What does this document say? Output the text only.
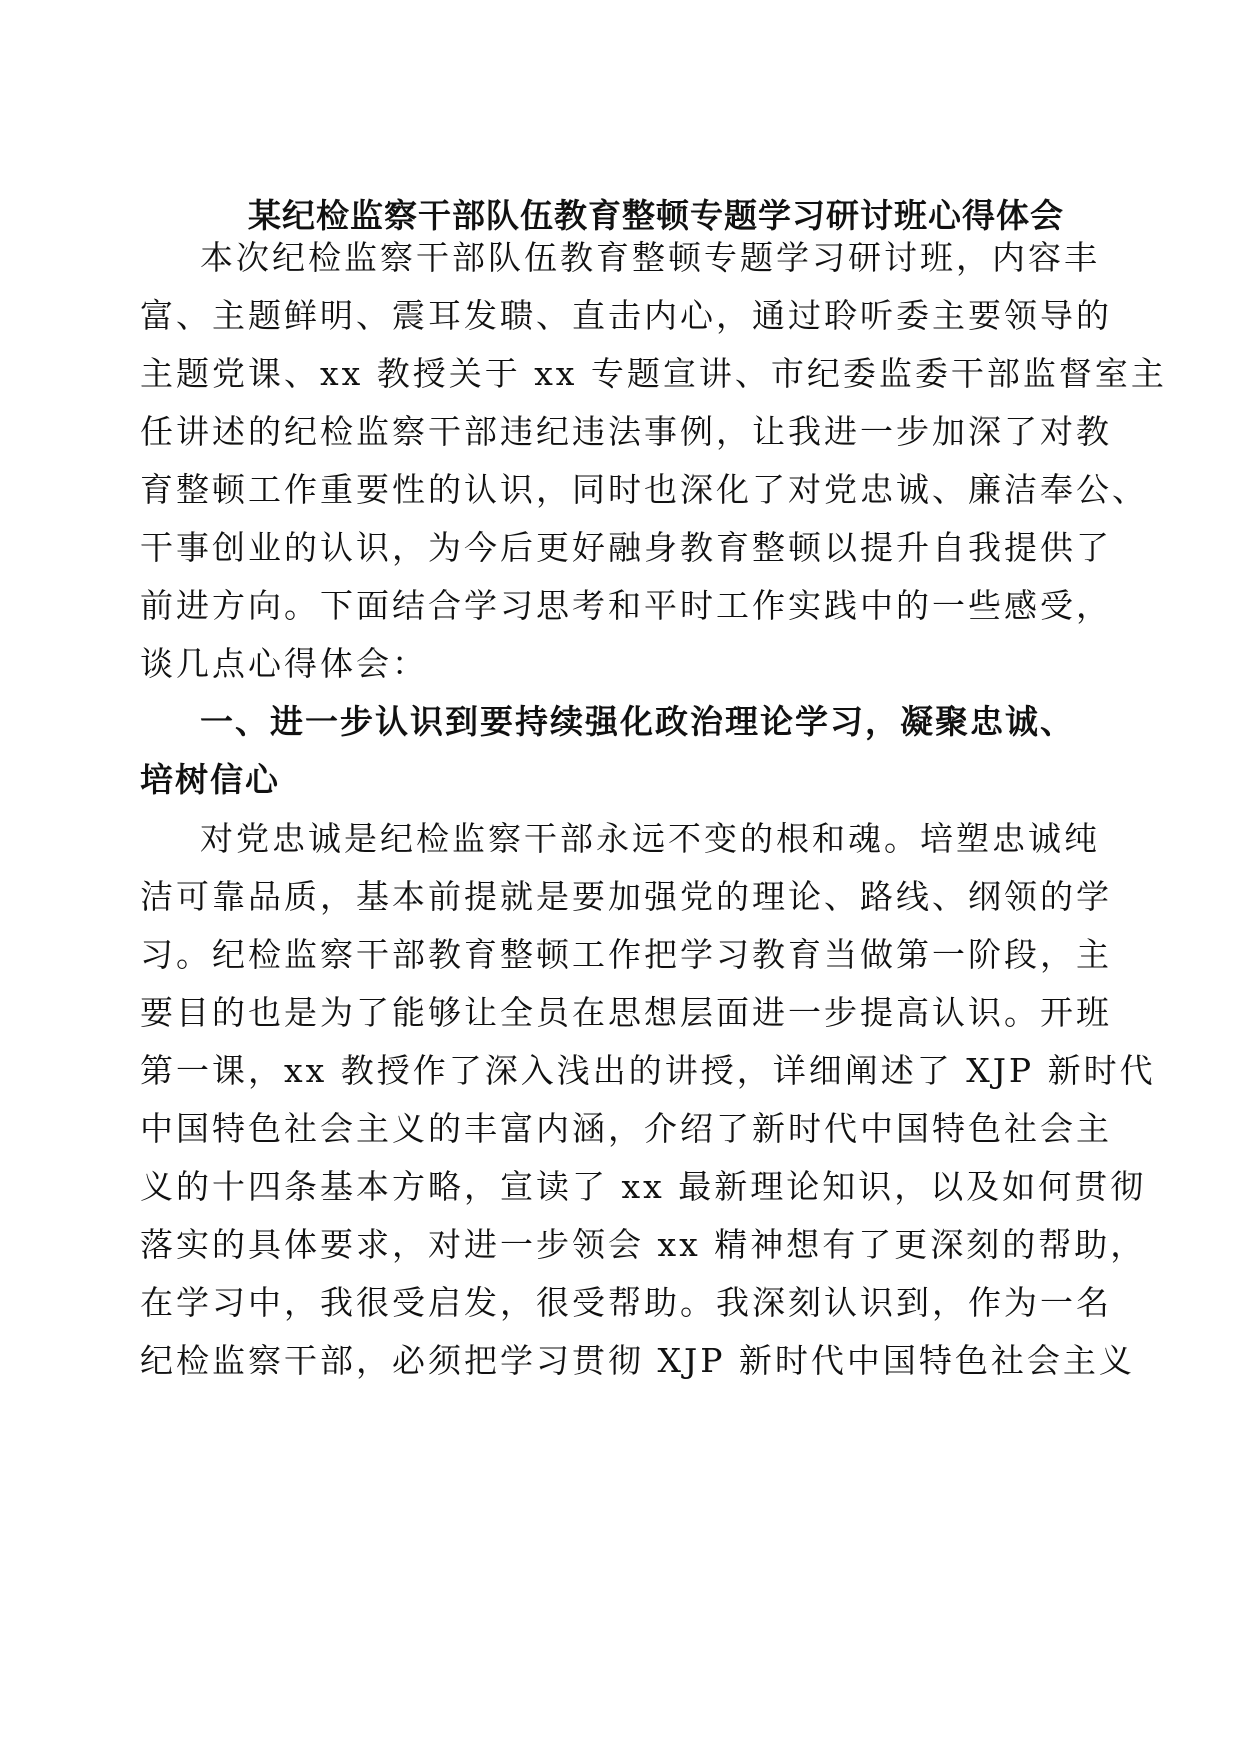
某纪检监察干部队伍教育整顿专题学习研讨班心得体会

本次纪检监察干部队伍教育整顿专题学习研讨班，内容丰

富、主题鲜明、震耳发聩、直击内心，通过聆听委主要领导的

主题党课、xx 教授关于 xx 专题宣讲、市纪委监委干部监督室主

任讲述的纪检监察干部违纪违法事例，让我进一步加深了对教

育整顿工作重要性的认识，同时也深化了对党忠诚、廉洁奉公、

干事创业的认识，为今后更好融身教育整顿以提升自我提供了

前进方向。下面结合学习思考和平时工作实践中的一些感受，

谈几点心得体会：

一、进一步认识到要持续强化政治理论学习，凝聚忠诚、

培树信心

对党忠诚是纪检监察干部永远不变的根和魂。培塑忠诚纯

洁可靠品质，基本前提就是要加强党的理论、路线、纲领的学

习。纪检监察干部教育整顿工作把学习教育当做第一阶段，主

要目的也是为了能够让全员在思想层面进一步提高认识。开班

第一课，xx 教授作了深入浅出的讲授，详细阐述了 XJP 新时代

中国特色社会主义的丰富内涵，介绍了新时代中国特色社会主

义的十四条基本方略，宣读了 xx 最新理论知识，以及如何贯彻

落实的具体要求，对进一步领会 xx 精神想有了更深刻的帮助，

在学习中，我很受启发，很受帮助。我深刻认识到，作为一名

纪检监察干部，必须把学习贯彻 XJP 新时代中国特色社会主义
